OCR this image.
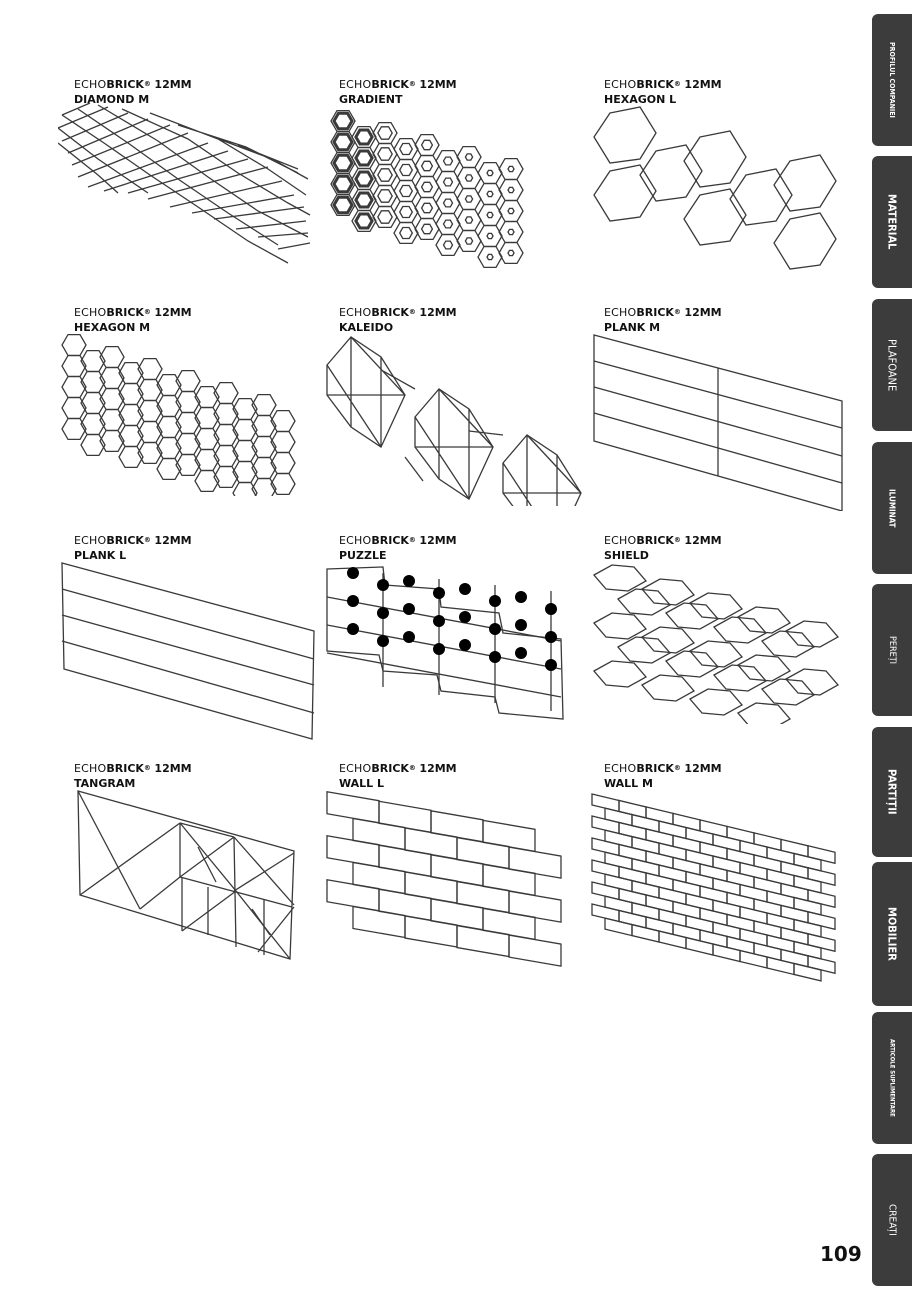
ECHOBRICK® 12MM
DIAMOND M
ECHOBRICK® 12MM
GRADIENT
ECHOBRICK® 12MM
HEXAGON L
ECHOBRICK® 12MM
HEXAGON M
ECHOBRICK® 12MM
KALEIDO
ECHOBRICK® 12MM
PLANK M
ECHOBRICK® 12MM
PLANK L
ECHOBRICK® 12MM
PUZZLE
ECHOBRICK® 12MM
SHIELD
ECHOBRICK® 12MM
TANGRAM
ECHOBRICK® 12MM
WALL L
ECHOBRICK® 12MM
WALL M
PROFILUL COMPANIEI
MATERIAL
PLAFOANE
ILUMINAT
PEREȚI
PARTIȚII
MOBILIER
ARTICOLE SUPLIMENTARE
CREAȚI
109
